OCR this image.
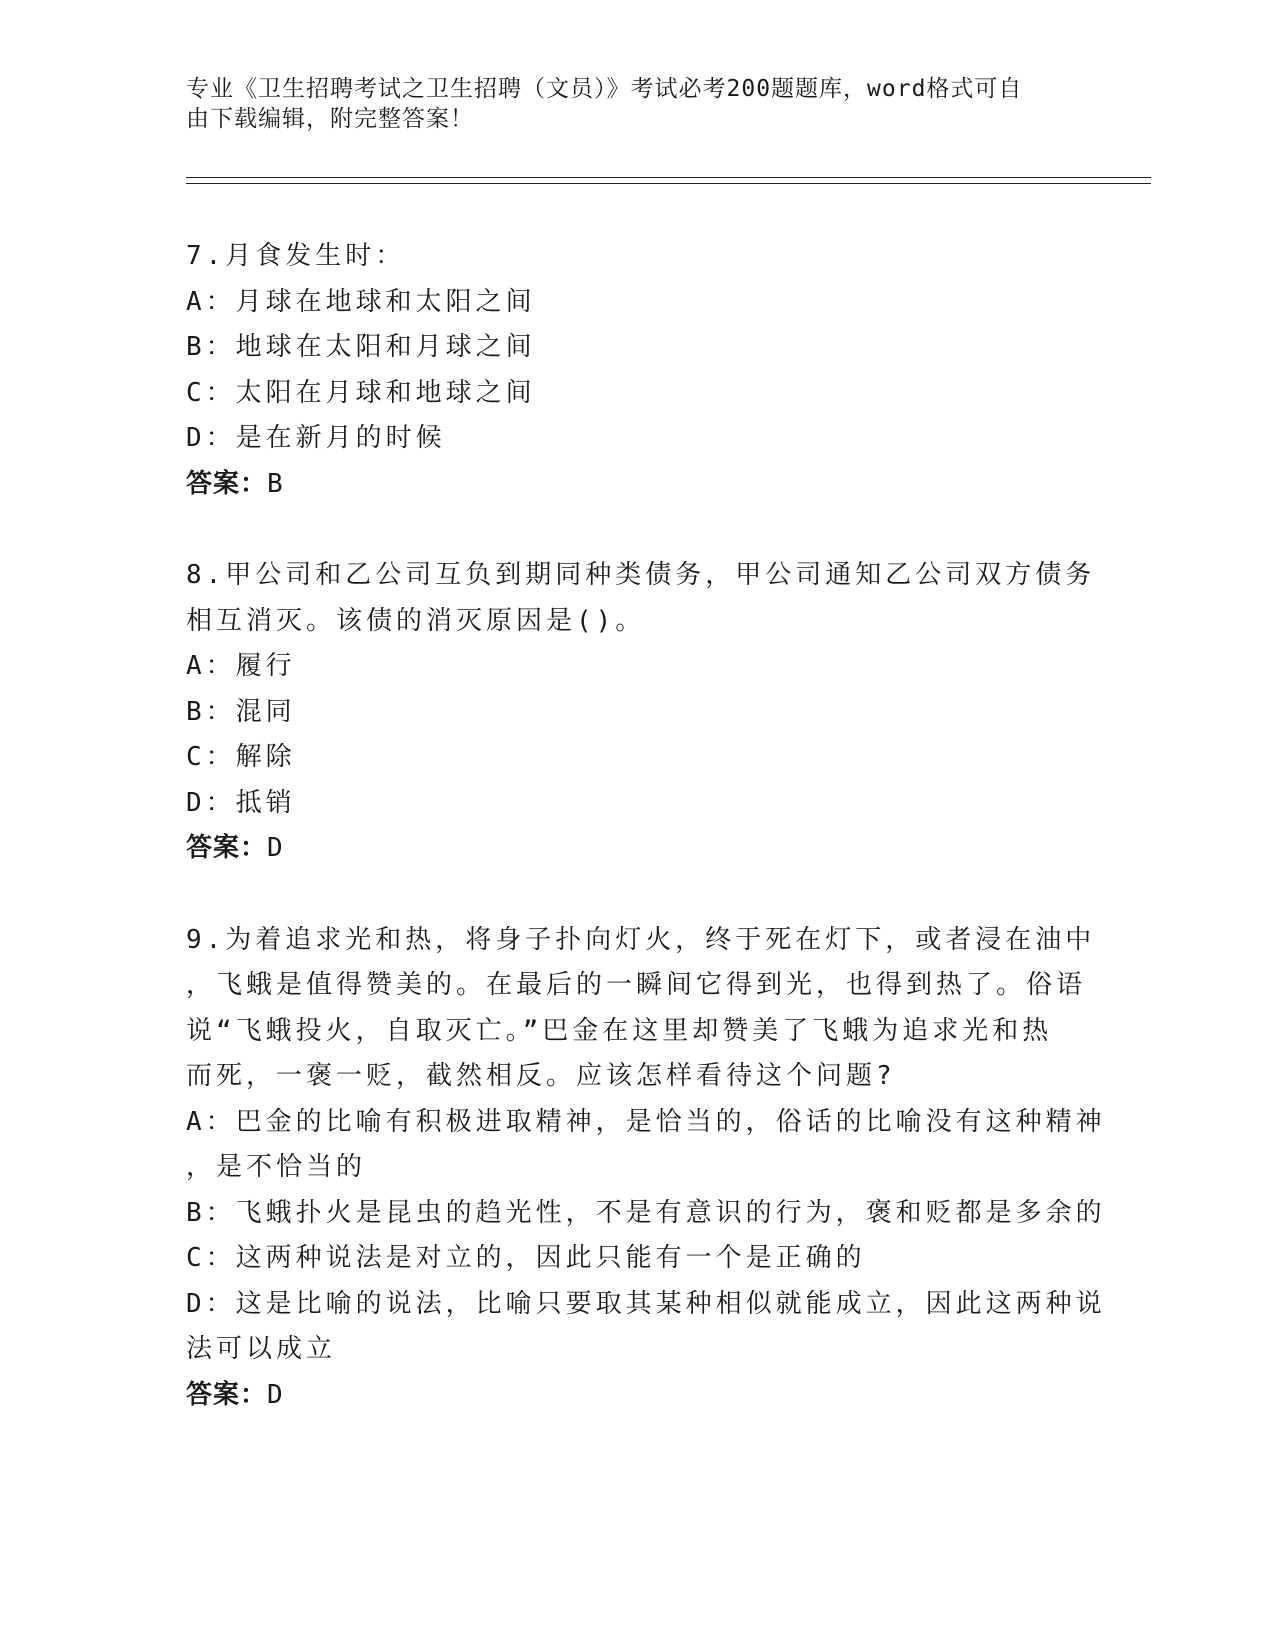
专业《卫生招聘考试之卫生招聘（文员）》考试必考200题题库，word格式可自
由下载编辑，附完整答案！
7.月食发生时：
A：月球在地球和太阳之间
B：地球在太阳和月球之间
C：太阳在月球和地球之间
D：是在新月的时候
答案：B
8.甲公司和乙公司互负到期同种类债务，甲公司通知乙公司双方债务
相互消灭。该债的消灭原因是()。
A：履行
B：混同
C：解除
D：抵销
答案：D
9.为着追求光和热，将身子扑向灯火，终于死在灯下，或者浸在油中
，飞蛾是值得赞美的。在最后的一瞬间它得到光，也得到热了。俗语
说“飞蛾投火，自取灭亡。”巴金在这里却赞美了飞蛾为追求光和热
而死，一褒一贬，截然相反。应该怎样看待这个问题?
A：巴金的比喻有积极进取精神，是恰当的，俗话的比喻没有这种精神
，是不恰当的
B：飞蛾扑火是昆虫的趋光性，不是有意识的行为，褒和贬都是多余的
C：这两种说法是对立的，因此只能有一个是正确的
D：这是比喻的说法，比喻只要取其某种相似就能成立，因此这两种说
法可以成立
答案：D
